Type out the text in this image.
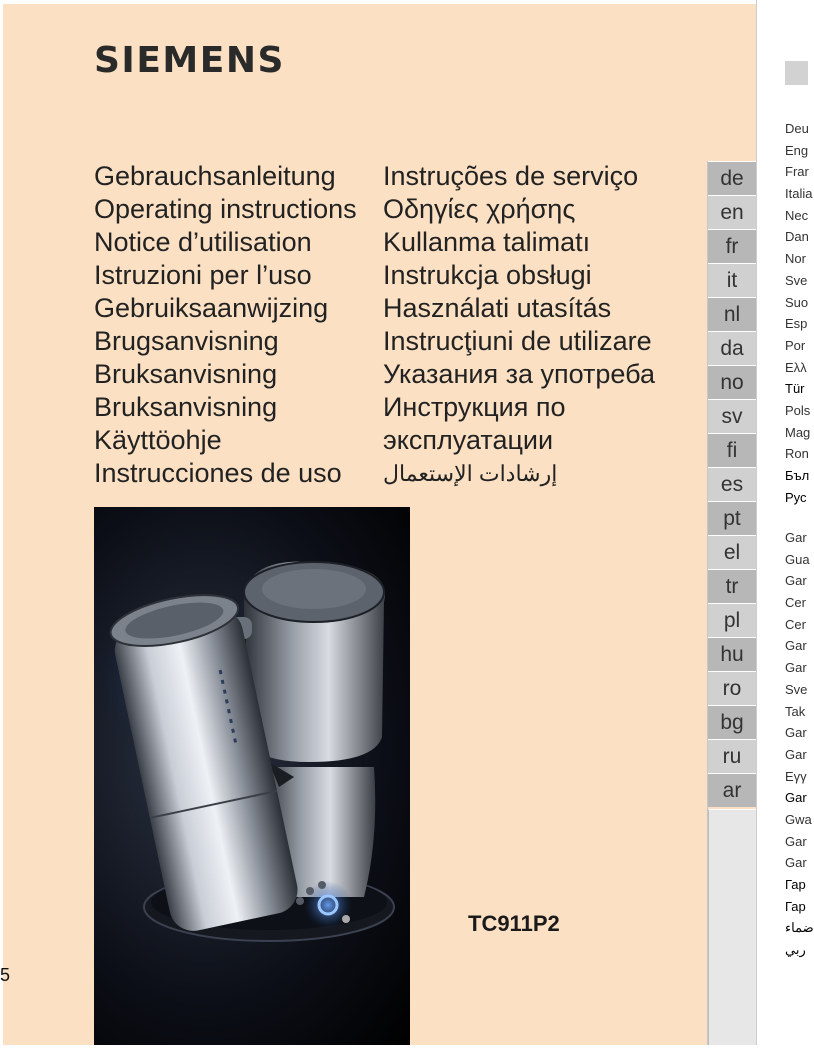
SIEMENS
Gebrauchsanleitung
Operating instructions
Notice d’utilisation
Istruzioni per l’uso
Gebruiksaanwijzing
Brugsanvisning
Bruksanvisning
Bruksanvisning
Käyttöohje
Instrucciones de uso
Instruções de serviço
Οδηγίες χρήσης
Kullanma talimatı
Instrukcja obsługi
Használati utasítás
Instrucţiuni de utilizare
Указания за употреба
Инструкция по
эксплуатации
إرشادات الإستعمال
de
en
fr
it
nl
da
no
sv
fi
es
pt
el
tr
pl
hu
ro
bg
ru
ar
TC911P2
5
Deu
Eng
Frar
Italia
Nec
Dan
Nor
Sve
Suo
Esp
Por
Ελλ
Tür
Pols
Mag
Ron
Бъл
Рус
Gar
Gua
Gar
Cer
Cer
Gar
Gar
Sve
Tak
Gar
Gar
Εγγ
Gar
Gwa
Gar
Gar
Гар
Гар
ضماء
ربي
